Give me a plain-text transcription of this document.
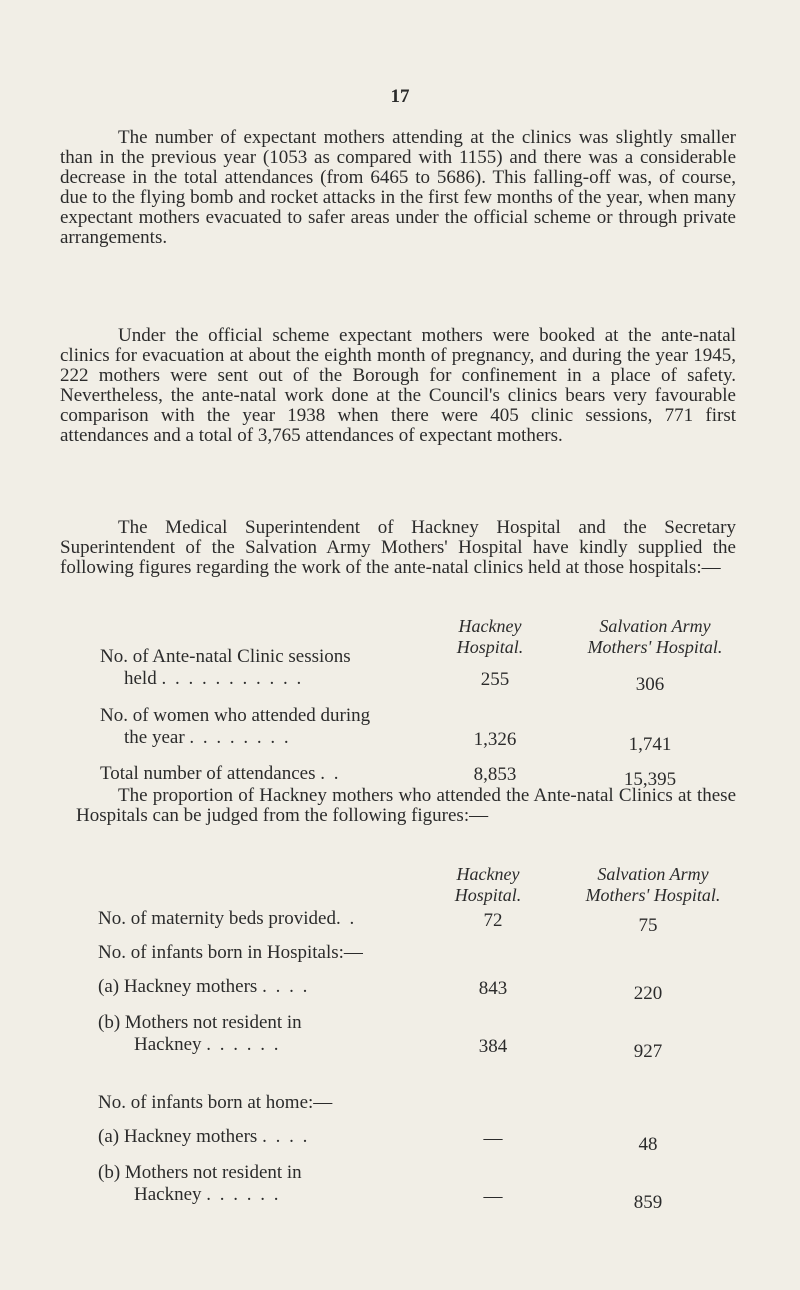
17

The number of expectant mothers attending at the clinics was slightly smaller than in the previous year (1053 as compared with 1155) and there was a considerable decrease in the total attendances (from 6465 to 5686). This falling-off was, of course, due to the flying bomb and rocket attacks in the first few months of the year, when many expectant mothers evacuated to safer areas under the official scheme or through private arrangements.

Under the official scheme expectant mothers were booked at the ante-natal clinics for evacuation at about the eighth month of pregnancy, and during the year 1945, 222 mothers were sent out of the Borough for confinement in a place of safety. Nevertheless, the ante-natal work done at the Council's clinics bears very favourable comparison with the year 1938 when there were 405 clinic sessions, 771 first attendances and a total of 3,765 attendances of expectant mothers.

The Medical Superintendent of Hackney Hospital and the Secretary Superintendent of the Salvation Army Mothers' Hospital have kindly supplied the following figures regarding the work of the ante-natal clinics held at those hospitals:—

Hackney
Hospital.
Salvation Army
Mothers' Hospital.
No. of Ante-natal Clinic sessions
held . . . . . . . . . . .	255	306
No. of women who attended during
the year . . . . . . . .	1,326	1,741
Total number of attendances . .	8,853	15,395

The proportion of Hackney mothers who attended the Ante-natal Clinics at these Hospitals can be judged from the following figures:—

Hackney
Hospital.
Salvation Army
Mothers' Hospital.
No. of maternity beds provided. .	72	75
No. of infants born in Hospitals:—
(a) Hackney mothers . . . .	843	220
(b) Mothers not resident in
Hackney . . . . . .	384	927
No. of infants born at home:—
(a) Hackney mothers . . . .	—	48
(b) Mothers not resident in
Hackney . . . . . .	—	859
